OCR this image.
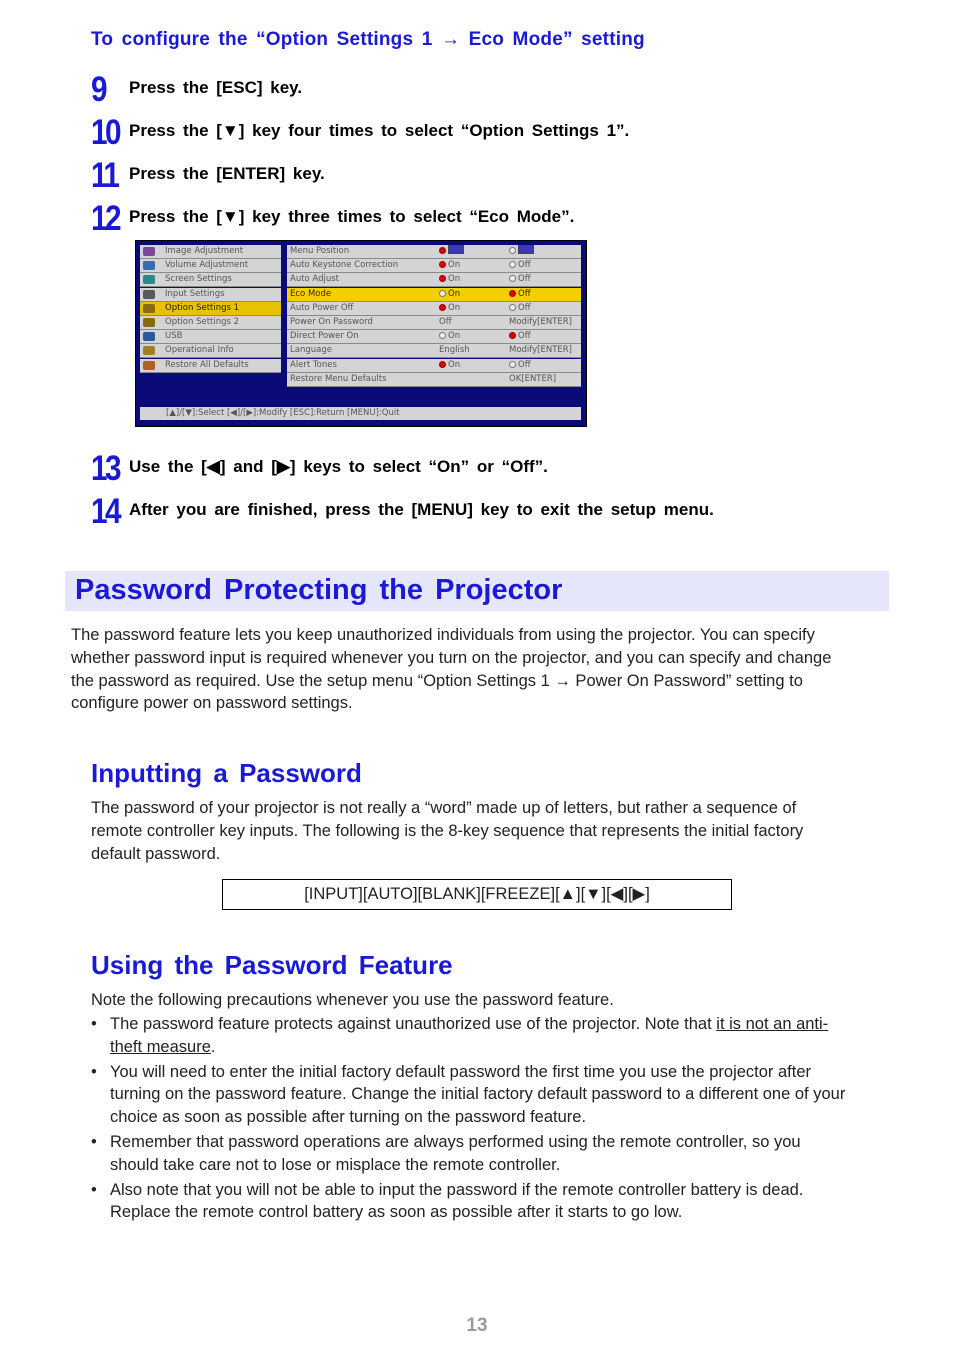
To configure the “Option Settings 1 → Eco Mode” setting
9 Press the [ESC] key.
10 Press the [▼] key four times to select “Option Settings 1”.
11 Press the [ENTER] key.
12 Press the [▼] key three times to select “Eco Mode”.
Image Adjustment
Volume Adjustment
Screen Settings
Input Settings
Option Settings 1
Option Settings 2
USB
Operational Info
Restore All Defaults
Menu Position
Auto Keystone Correction	On	Off
Auto Adjust	On	Off
Eco Mode	On	Off
Auto Power Off	On	Off
Power On Password	Off	Modify[ENTER]
Direct Power On	On	Off
Language	English	Modify[ENTER]
Alert Tones	On	Off
Restore Menu Defaults	OK[ENTER]
[▲]/[▼]:Select [◀]/[▶]:Modify [ESC]:Return [MENU]:Quit
13 Use the [◀] and [▶] keys to select “On” or “Off”.
14 After you are finished, press the [MENU] key to exit the setup menu.
Password Protecting the Projector
The password feature lets you keep unauthorized individuals from using the projector. You can specify whether password input is required whenever you turn on the projector, and you can specify and change the password as required. Use the setup menu “Option Settings 1 → Power On Password” setting to configure power on password settings.
Inputting a Password
The password of your projector is not really a “word” made up of letters, but rather a sequence of remote controller key inputs. The following is the 8-key sequence that represents the initial factory default password.
[INPUT][AUTO][BLANK][FREEZE][▲][▼][◀][▶]
Using the Password Feature
Note the following precautions whenever you use the password feature.
• The password feature protects against unauthorized use of the projector. Note that it is not an anti-theft measure.
• You will need to enter the initial factory default password the first time you use the projector after turning on the password feature. Change the initial factory default password to a different one of your choice as soon as possible after turning on the password feature.
• Remember that password operations are always performed using the remote controller, so you should take care not to lose or misplace the remote controller.
• Also note that you will not be able to input the password if the remote controller battery is dead. Replace the remote control battery as soon as possible after it starts to go low.
13
